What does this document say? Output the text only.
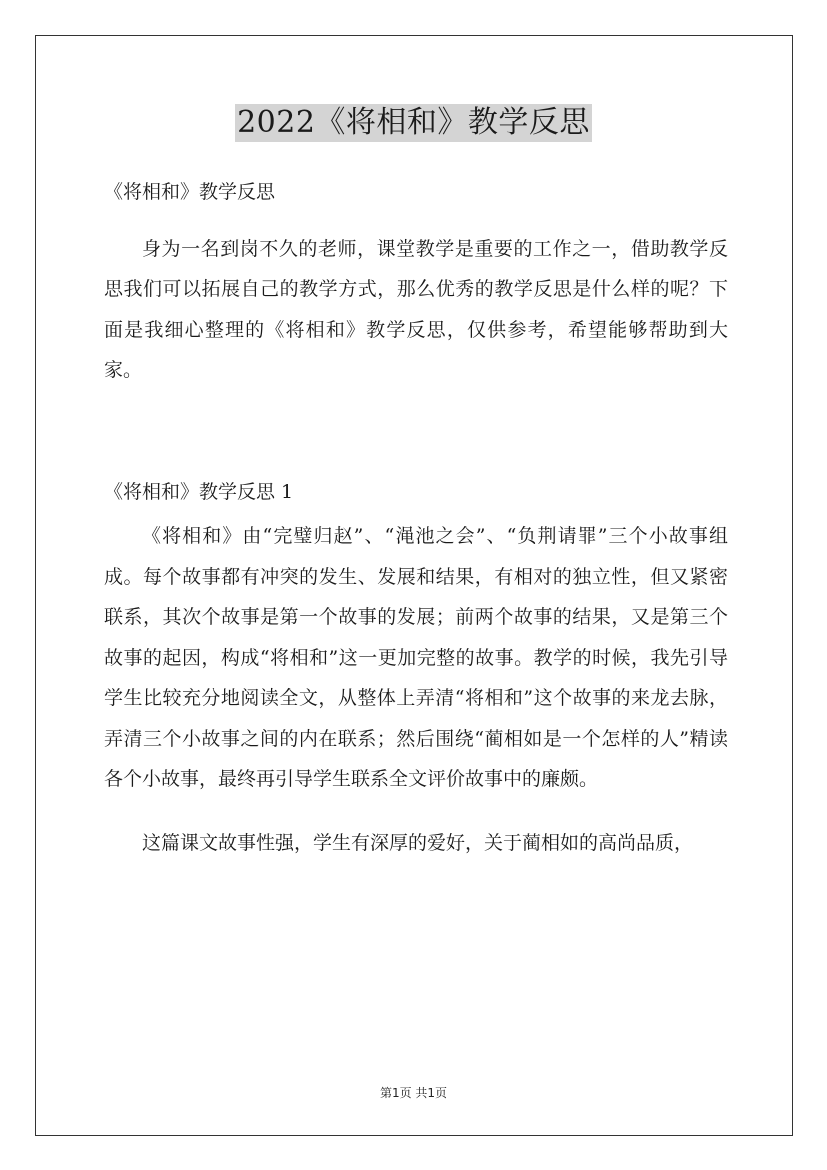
2022《将相和》教学反思

《将相和》教学反思

身为一名到岗不久的老师，课堂教学是重要的工作之一，借助教学反思我们可以拓展自己的教学方式，那么优秀的教学反思是什么样的呢？下面是我细心整理的《将相和》教学反思，仅供参考，希望能够帮助到大家。

《将相和》教学反思 1

《将相和》由“完璧归赵”、“渑池之会”、“负荆请罪”三个小故事组成。每个故事都有冲突的发生、发展和结果，有相对的独立性，但又紧密联系，其次个故事是第一个故事的发展；前两个故事的结果，又是第三个故事的起因，构成“将相和”这一更加完整的故事。教学的时候，我先引导学生比较充分地阅读全文，从整体上弄清“将相和”这个故事的来龙去脉，弄清三个小故事之间的内在联系；然后围绕“蔺相如是一个怎样的人”精读各个小故事，最终再引导学生联系全文评价故事中的廉颇。

这篇课文故事性强，学生有深厚的爱好，关于蔺相如的高尚品质，

第1页 共1页
